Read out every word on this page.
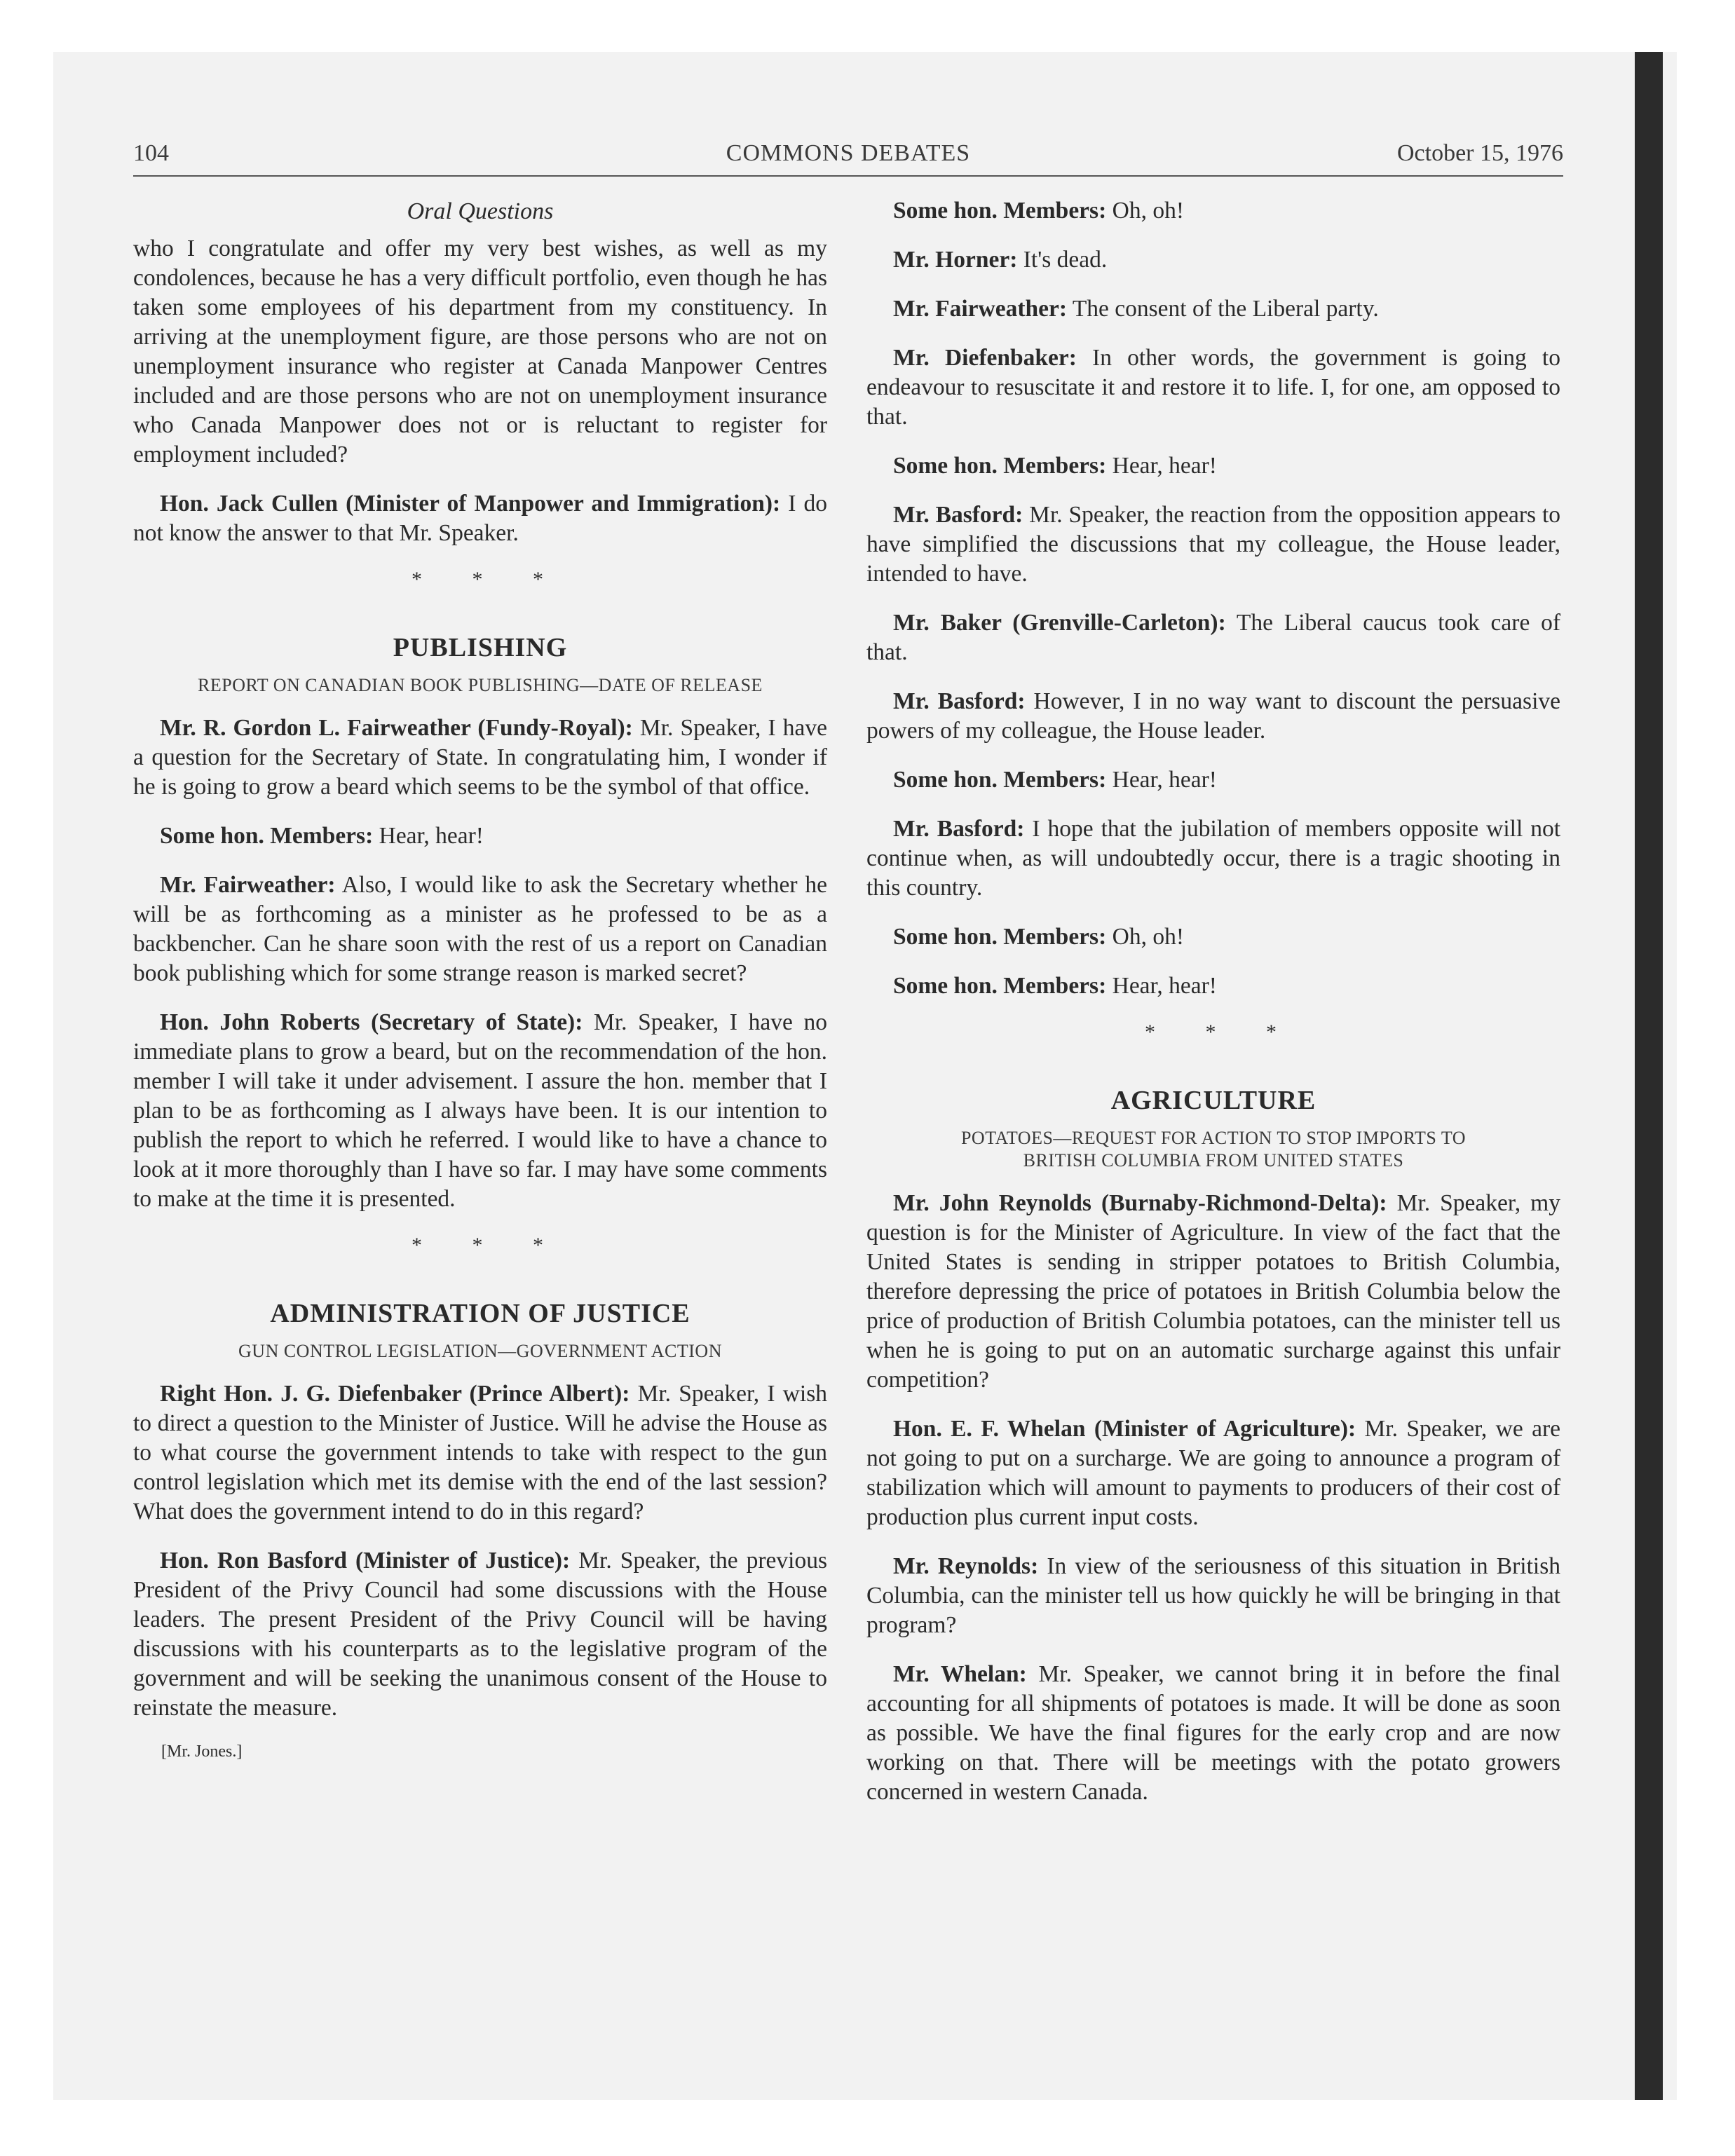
COMMONS DEBATES
104	October 15, 1976
Oral Questions

who I congratulate and offer my very best wishes, as well as my condolences, because he has a very difficult portfolio, even though he has taken some employees of his department from my constituency. In arriving at the unemployment figure, are those persons who are not on unemployment insurance who register at Canada Manpower Centres included and are those persons who are not on unemployment insurance who Canada Manpower does not or is reluctant to register for employment included?

Hon. Jack Cullen (Minister of Manpower and Immigration): I do not know the answer to that Mr. Speaker.

* * *
PUBLISHING
REPORT ON CANADIAN BOOK PUBLISHING—DATE OF RELEASE

Mr. R. Gordon L. Fairweather (Fundy-Royal): Mr. Speaker, I have a question for the Secretary of State. In congratulating him, I wonder if he is going to grow a beard which seems to be the symbol of that office.

Some hon. Members: Hear, hear!

Mr. Fairweather: Also, I would like to ask the Secretary whether he will be as forthcoming as a minister as he professed to be as a backbencher. Can he share soon with the rest of us a report on Canadian book publishing which for some strange reason is marked secret?

Hon. John Roberts (Secretary of State): Mr. Speaker, I have no immediate plans to grow a beard, but on the recommendation of the hon. member I will take it under advisement. I assure the hon. member that I plan to be as forthcoming as I always have been. It is our intention to publish the report to which he referred. I would like to have a chance to look at it more thoroughly than I have so far. I may have some comments to make at the time it is presented.

* * *
ADMINISTRATION OF JUSTICE
GUN CONTROL LEGISLATION—GOVERNMENT ACTION

Right Hon. J. G. Diefenbaker (Prince Albert): Mr. Speaker, I wish to direct a question to the Minister of Justice. Will he advise the House as to what course the government intends to take with respect to the gun control legislation which met its demise with the end of the last session? What does the government intend to do in this regard?

Hon. Ron Basford (Minister of Justice): Mr. Speaker, the previous President of the Privy Council had some discussions with the House leaders. The present President of the Privy Council will be having discussions with his counterparts as to the legislative program of the government and will be seeking the unanimous consent of the House to reinstate the measure.

[Mr. Jones.]

Some hon. Members: Oh, oh!

Mr. Horner: It's dead.

Mr. Fairweather: The consent of the Liberal party.

Mr. Diefenbaker: In other words, the government is going to endeavour to resuscitate it and restore it to life. I, for one, am opposed to that.

Some hon. Members: Hear, hear!

Mr. Basford: Mr. Speaker, the reaction from the opposition appears to have simplified the discussions that my colleague, the House leader, intended to have.

Mr. Baker (Grenville-Carleton): The Liberal caucus took care of that.

Mr. Basford: However, I in no way want to discount the persuasive powers of my colleague, the House leader.

Some hon. Members: Hear, hear!

Mr. Basford: I hope that the jubilation of members opposite will not continue when, as will undoubtedly occur, there is a tragic shooting in this country.

Some hon. Members: Oh, oh!

Some hon. Members: Hear, hear!

* * *
AGRICULTURE
POTATOES—REQUEST FOR ACTION TO STOP IMPORTS TO
BRITISH COLUMBIA FROM UNITED STATES

Mr. John Reynolds (Burnaby-Richmond-Delta): Mr. Speaker, my question is for the Minister of Agriculture. In view of the fact that the United States is sending in stripper potatoes to British Columbia, therefore depressing the price of potatoes in British Columbia below the price of production of British Columbia potatoes, can the minister tell us when he is going to put on an automatic surcharge against this unfair competition?

Hon. E. F. Whelan (Minister of Agriculture): Mr. Speaker, we are not going to put on a surcharge. We are going to announce a program of stabilization which will amount to payments to producers of their cost of production plus current input costs.

Mr. Reynolds: In view of the seriousness of this situation in British Columbia, can the minister tell us how quickly he will be bringing in that program?

Mr. Whelan: Mr. Speaker, we cannot bring it in before the final accounting for all shipments of potatoes is made. It will be done as soon as possible. We have the final figures for the early crop and are now working on that. There will be meetings with the potato growers concerned in western Canada.
